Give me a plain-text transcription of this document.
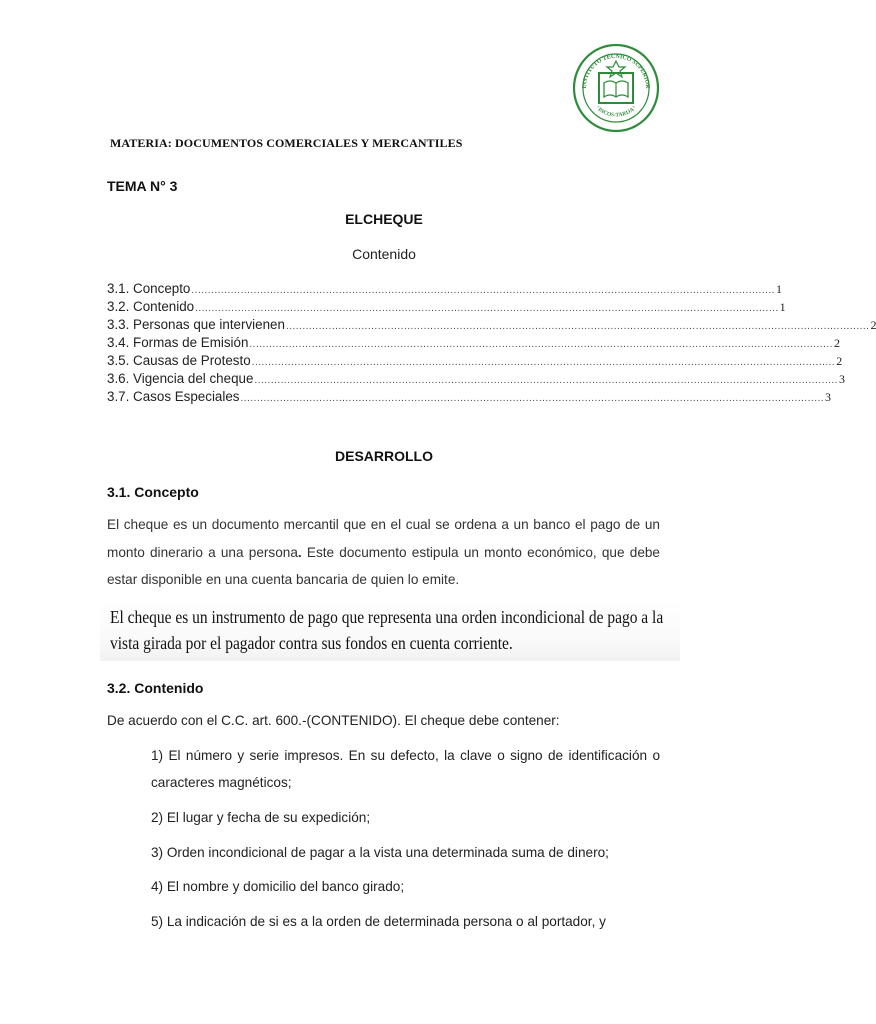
INSTITUTO TÉCNICO SUPERIOR
"INCOS-TARIJA"
MATERIA: DOCUMENTOS COMERCIALES Y MERCANTILES
TEMA N° 3
ELCHEQUE
Contenido
3.1. Concepto .................................................................................................................................................................................. 1
3.2. Contenido .................................................................................................................................................................................. 1
3.3. Personas que intervienen .................................................................................................................................................................................. 2
3.4. Formas de Emisión .................................................................................................................................................................................. 2
3.5. Causas de Protesto .................................................................................................................................................................................. 2
3.6. Vigencia del cheque .................................................................................................................................................................................. 3
3.7. Casos Especiales .................................................................................................................................................................................. 3
DESARROLLO
3.1. Concepto
El cheque es un documento mercantil que en el cual se ordena a un banco el pago de un monto dinerario a una persona. Este documento estipula un monto económico, que debe estar disponible en una cuenta bancaria de quien lo emite.

El cheque es un instrumento de pago que representa una orden incondicional de pago a la vista girada por el pagador contra sus fondos en cuenta corriente.

3.2. Contenido
De acuerdo con el C.C. art. 600.-(CONTENIDO). El cheque debe contener:
1) El número y serie impresos. En su defecto, la clave o signo de identificación o caracteres magnéticos;
2) El lugar y fecha de su expedición;
3) Orden incondicional de pagar a la vista una determinada suma de dinero;
4) El nombre y domicilio del banco girado;
5) La indicación de si es a la orden de determinada persona o al portador, y
